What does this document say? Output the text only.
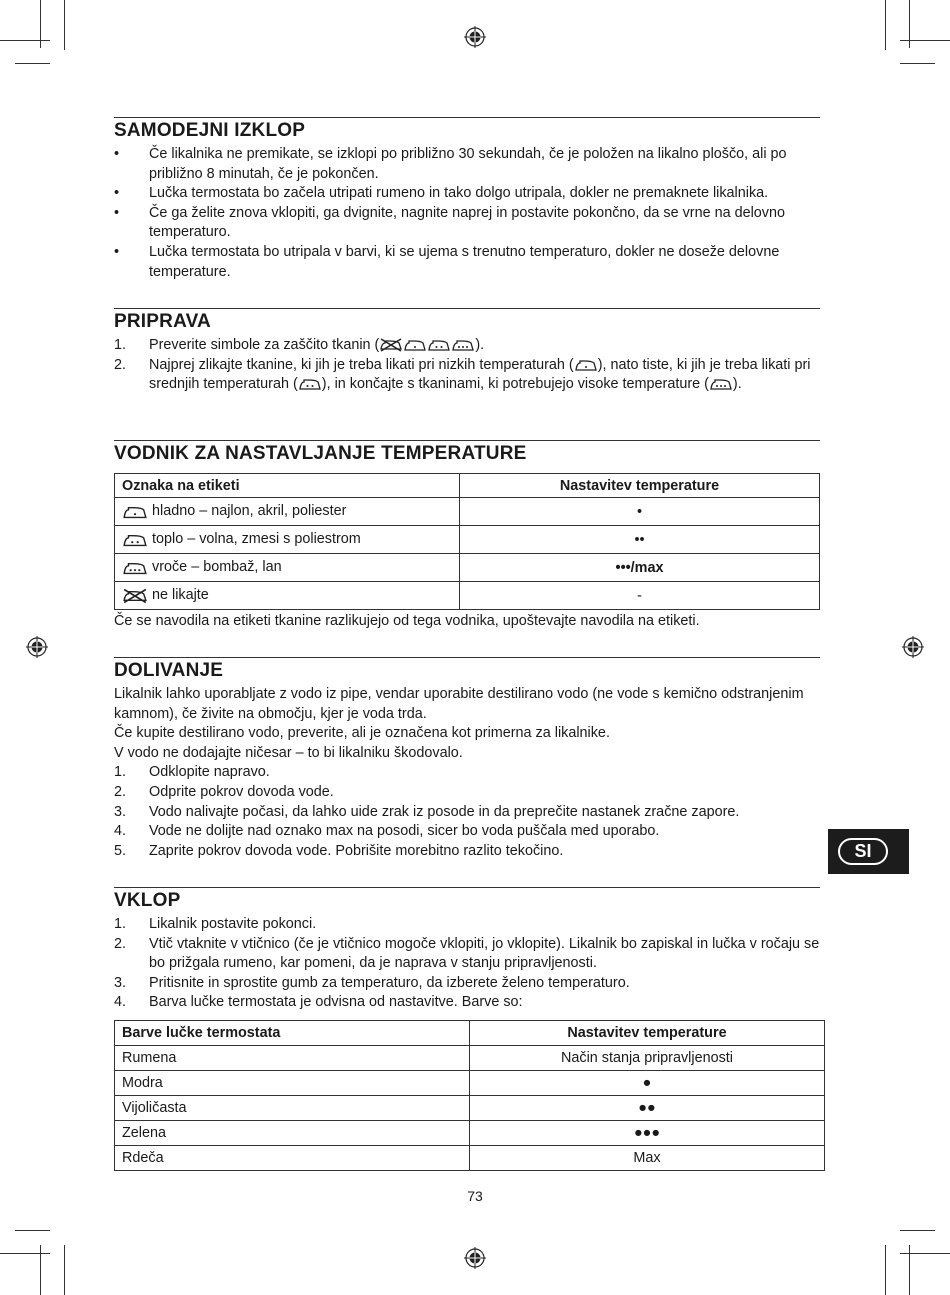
SAMODEJNI IZKLOP
•	Če likalnika ne premikate, se izklopi po približno 30 sekundah, če je položen na likalno ploščo, ali po približno 8 minutah, če je pokončen.
•	Lučka termostata bo začela utripati rumeno in tako dolgo utripala, dokler ne premaknete likalnika.
•	Če ga želite znova vklopiti, ga dvignite, nagnite naprej in postavite pokončno, da se vrne na delovno temperaturo.
•	Lučka termostata bo utripala v barvi, ki se ujema s trenutno temperaturo, dokler ne doseže delovne temperature.
PRIPRAVA
1. Preverite simbole za zaščito tkanin (	).
2. Najprej zlikajte tkanine, ki jih je treba likati pri nizkih temperaturah ( ), nato tiste, ki jih je treba likati pri srednjih temperaturah ( ), in končajte s tkaninami, ki potrebujejo visoke temperature ( ).
VODNIK ZA NASTAVLJANJE TEMPERATURE
Oznaka na etiketi	Nastavitev temperature
hladno – najlon, akril, poliester	•
toplo – volna, zmesi s poliestrom	••
vroče – bombaž, lan	•••/max
ne likajte	-
Če se navodila na etiketi tkanine razlikujejo od tega vodnika, upoštevajte navodila na etiketi.
DOLIVANJE
Likalnik lahko uporabljate z vodo iz pipe, vendar uporabite destilirano vodo (ne vode s kemično odstranjenim kamnom), če živite na območju, kjer je voda trda.
Če kupite destilirano vodo, preverite, ali je označena kot primerna za likalnike.
V vodo ne dodajajte ničesar – to bi likalniku škodovalo.
1. Odklopite napravo.
2. Odprite pokrov dovoda vode.
3. Vodo nalivajte počasi, da lahko uide zrak iz posode in da preprečite nastanek zračne zapore.
4. Vode ne dolijte nad oznako max na posodi, sicer bo voda puščala med uporabo.
5. Zaprite pokrov dovoda vode. Pobrišite morebitno razlito tekočino.
VKLOP
1. Likalnik postavite pokonci.
2. Vtič vtaknite v vtičnico (če je vtičnico mogoče vklopiti, jo vklopite). Likalnik bo zapiskal in lučka v ročaju se bo prižgala rumeno, kar pomeni, da je naprava v stanju pripravljenosti.
3. Pritisnite in sprostite gumb za temperaturo, da izberete želeno temperaturo.
4. Barva lučke termostata je odvisna od nastavitve. Barve so:
Barve lučke termostata	Nastavitev temperature
Rumena	Način stanja pripravljenosti
Modra	●
Vijoličasta	●●
Zelena	●●●
Rdeča	Max
SI
73
